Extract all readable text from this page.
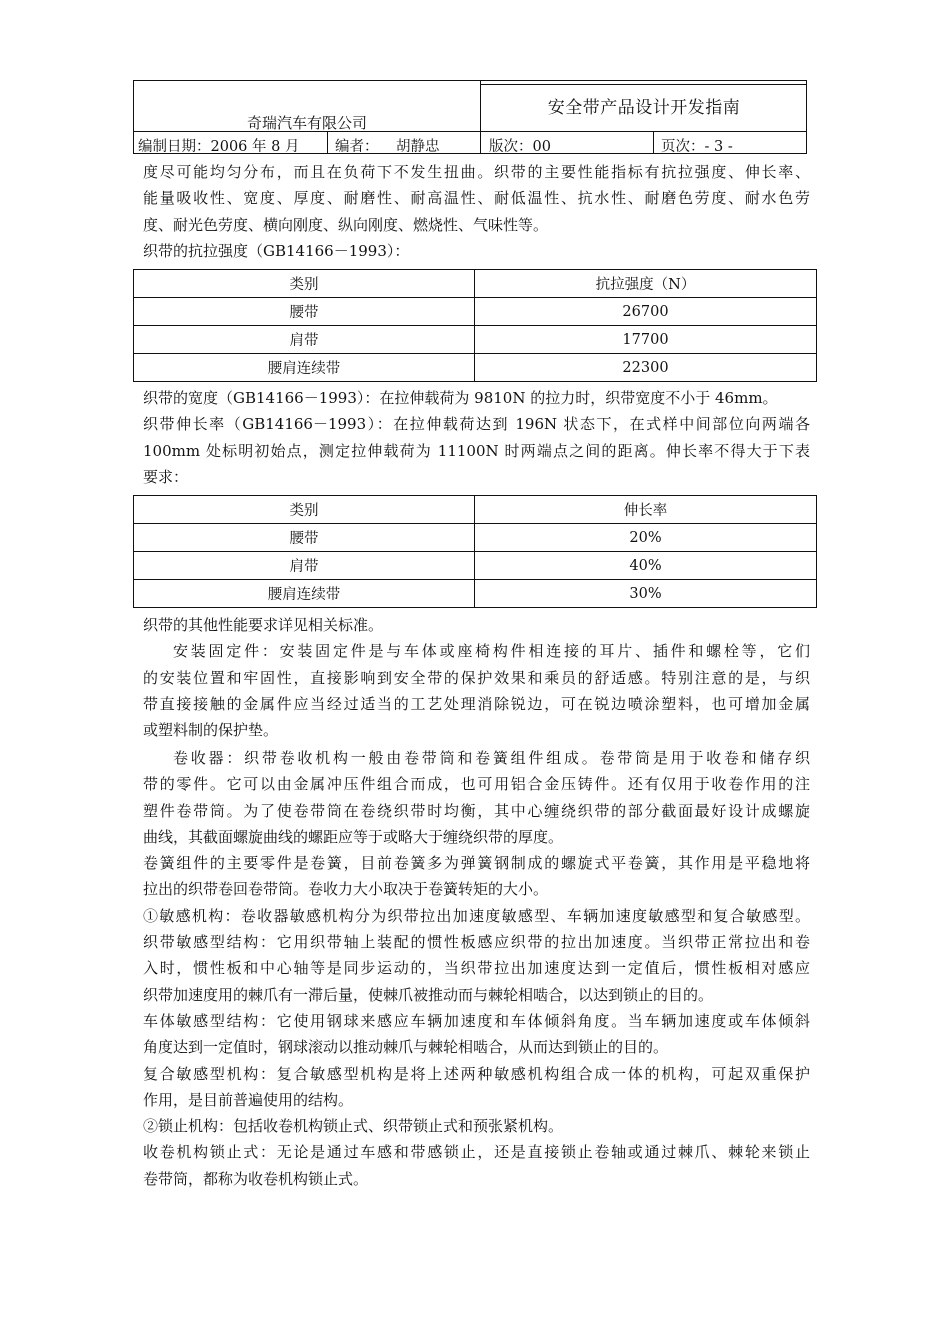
奇瑞汽车有限公司
安全带产品设计开发指南
编制日期：2006 年 8 月 编者： 胡静忠	版次：00	页次：- 3 -
度尽可能均匀分布，而且在负荷下不发生扭曲。织带的主要性能指标有抗拉强度、伸长率、
能量吸收性、宽度、厚度、耐磨性、耐高温性、耐低温性、抗水性、耐磨色劳度、耐水色劳
度、耐光色劳度、横向刚度、纵向刚度、燃烧性、气味性等。
织带的抗拉强度（GB14166－1993）：
类别	抗拉强度（N）
腰带	26700
肩带	17700
腰肩连续带	22300
织带的宽度（GB14166－1993）：在拉伸载荷为 9810N 的拉力时，织带宽度不小于 46mm。
织带伸长率（GB14166－1993）：在拉伸载荷达到 196N 状态下，在式样中间部位向两端各
100mm 处标明初始点，测定拉伸载荷为 11100N 时两端点之间的距离。伸长率不得大于下表
要求：
类别	伸长率
腰带	20%
肩带	40%
腰肩连续带	30%
织带的其他性能要求详见相关标准。
安装固定件：安装固定件是与车体或座椅构件相连接的耳片、插件和螺栓等，它们
的安装位置和牢固性，直接影响到安全带的保护效果和乘员的舒适感。特别注意的是，与织
带直接接触的金属件应当经过适当的工艺处理消除锐边，可在锐边喷涂塑料，也可增加金属
或塑料制的保护垫。
卷收器：织带卷收机构一般由卷带筒和卷簧组件组成。卷带筒是用于收卷和储存织
带的零件。它可以由金属冲压件组合而成，也可用铝合金压铸件。还有仅用于收卷作用的注
塑件卷带筒。为了使卷带筒在卷绕织带时均衡，其中心缠绕织带的部分截面最好设计成螺旋
曲线，其截面螺旋曲线的螺距应等于或略大于缠绕织带的厚度。
卷簧组件的主要零件是卷簧，目前卷簧多为弹簧钢制成的螺旋式平卷簧，其作用是平稳地将
拉出的织带卷回卷带筒。卷收力大小取决于卷簧转矩的大小。
①敏感机构：卷收器敏感机构分为织带拉出加速度敏感型、车辆加速度敏感型和复合敏感型。
织带敏感型结构：它用织带轴上装配的惯性板感应织带的拉出加速度。当织带正常拉出和卷
入时，惯性板和中心轴等是同步运动的，当织带拉出加速度达到一定值后，惯性板相对感应
织带加速度用的棘爪有一滞后量，使棘爪被推动而与棘轮相啮合，以达到锁止的目的。
车体敏感型结构：它使用钢球来感应车辆加速度和车体倾斜角度。当车辆加速度或车体倾斜
角度达到一定值时，钢球滚动以推动棘爪与棘轮相啮合，从而达到锁止的目的。
复合敏感型机构：复合敏感型机构是将上述两种敏感机构组合成一体的机构，可起双重保护
作用，是目前普遍使用的结构。
②锁止机构：包括收卷机构锁止式、织带锁止式和预张紧机构。
收卷机构锁止式：无论是通过车感和带感锁止，还是直接锁止卷轴或通过棘爪、棘轮来锁止
卷带筒，都称为收卷机构锁止式。
